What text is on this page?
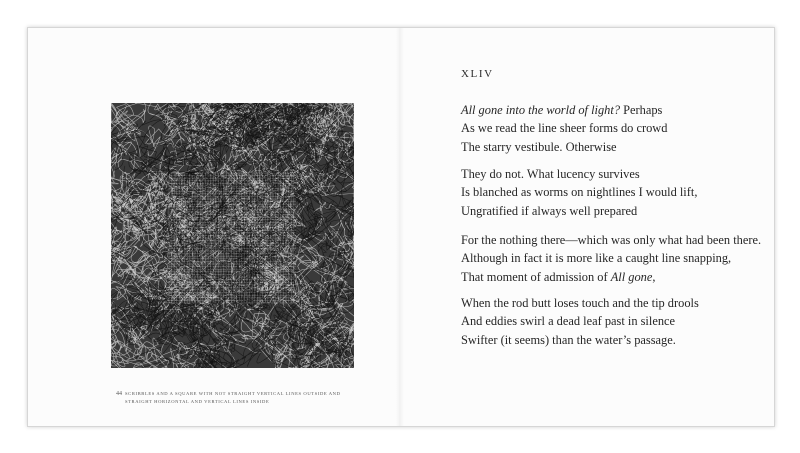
44 SCRIBBLES AND A SQUARE WITH NOT STRAIGHT VERTICAL LINES OUTSIDE AND
STRAIGHT HORIZONTAL AND VERTICAL LINES INSIDE
XLIV
All gone into the world of light? Perhaps
As we read the line sheer forms do crowd
The starry vestibule. Otherwise
They do not. What lucency survives
Is blanched as worms on nightlines I would lift,
Ungratified if always well prepared
For the nothing there—which was only what had been there.
Although in fact it is more like a caught line snapping,
That moment of admission of All gone,
When the rod butt loses touch and the tip drools
And eddies swirl a dead leaf past in silence
Swifter (it seems) than the water’s passage.
